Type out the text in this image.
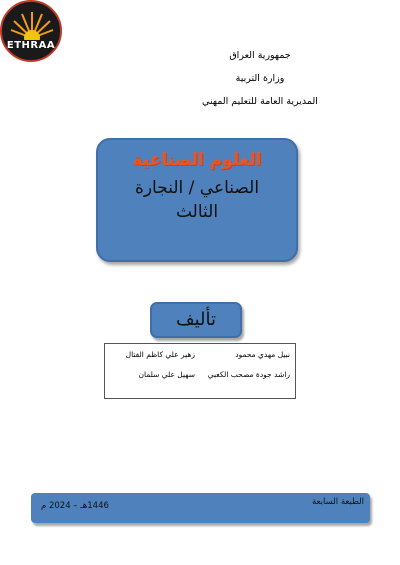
ETHRAA
جمهورية العراق
وزارة التربية
المديرية العامة للتعليم المهني
العلوم الصناعية
الصناعي / النجارة
الثالث
تأليف
نبيل مهدي محمود
زهير علي كاظم الفتال
راشد جودة مصحب الكعبي
سهيل علي سلمان
الطبعة السابعة
1446هـ – 2024 م
